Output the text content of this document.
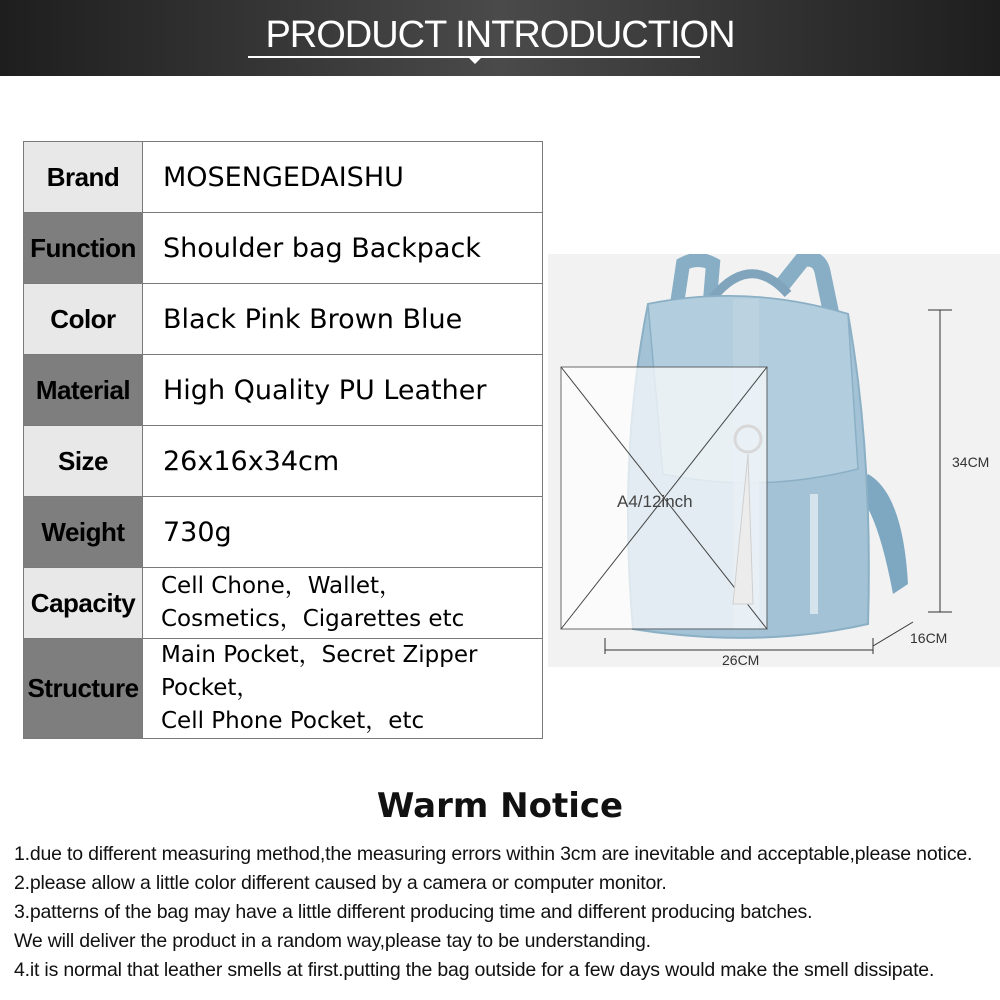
PRODUCT INTRODUCTION
Brand	MOSENGEDAISHU
Function	Shoulder bag Backpack
Color	Black Pink Brown Blue
Material	High Quality PU Leather
Size	26x16x34cm
Weight	730g
Capacity	Cell Chone，Wallet，
Cosmetics，Cigarettes etc

Structure	Main Pocket，Secret Zipper Pocket，
Cell Phone Pocket，etc
A4/12inch
34CM
26CM
16CM
Warm Notice
1.due to different measuring method,the measuring errors within 3cm are inevitable and acceptable,please notice.
2.please allow a little color different caused by a camera or computer monitor.
3.patterns of the bag may have a little different producing time and different producing batches.
We will deliver the product in a random way,please tay to be understanding.
4.it is normal that leather smells at first.putting the bag outside for a few days would make the smell dissipate.
